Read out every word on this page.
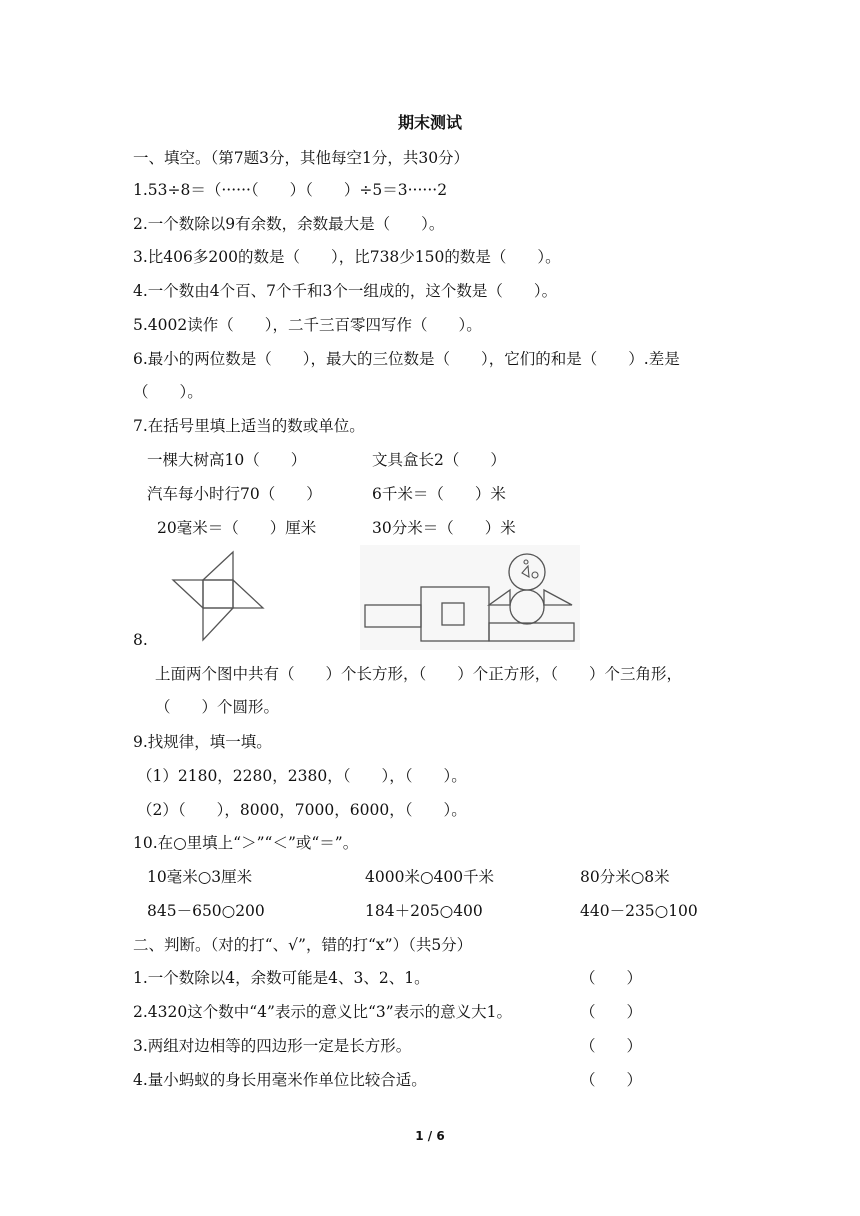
期末测试
一、填空。（第7题3分，其他每空1分，共30分）
1.53÷8＝（······（　　）（　　）÷5＝3······2
2.一个数除以9有余数，余数最大是（　　）。
3.比406多200的数是（　　），比738少150的数是（　　）。
4.一个数由4个百、7个千和3个一组成的，这个数是（　　）。
5.4002读作（　　），二千三百零四写作（　　）。
6.最小的两位数是（　　），最大的三位数是（　　），它们的和是（　　）.差是
（　　）。
7.在括号里填上适当的数或单位。
一棵大树高10（　　）	文具盒长2（　　）
汽车每小时行70（　　）	6千米＝（　　）米
20毫米＝（　　）厘米	30分米＝（　　）米
8.
上面两个图中共有（　　）个长方形，（　　）个正方形，（　　）个三角形，
（　　）个圆形。
9.找规律，填一填。
（1）2180，2280，2380，（　　），（　　）。
（2）（　　），8000，7000，6000，（　　）。
10.在○里填上“＞”“＜”或“＝”。
10毫米○3厘米	4000米○400千米	80分米○8米
845－650○200	184＋205○400	440－235○100
二、判断。（对的打“、√”，错的打“x”）（共5分）
1.一个数除以4，余数可能是4、3、2、1。	（　　）
2.4320这个数中“4”表示的意义比“3”表示的意义大1。	（　　）
3.两组对边相等的四边形一定是长方形。	（　　）
4.量小蚂蚁的身长用毫米作单位比较合适。	（　　）
1 / 6
